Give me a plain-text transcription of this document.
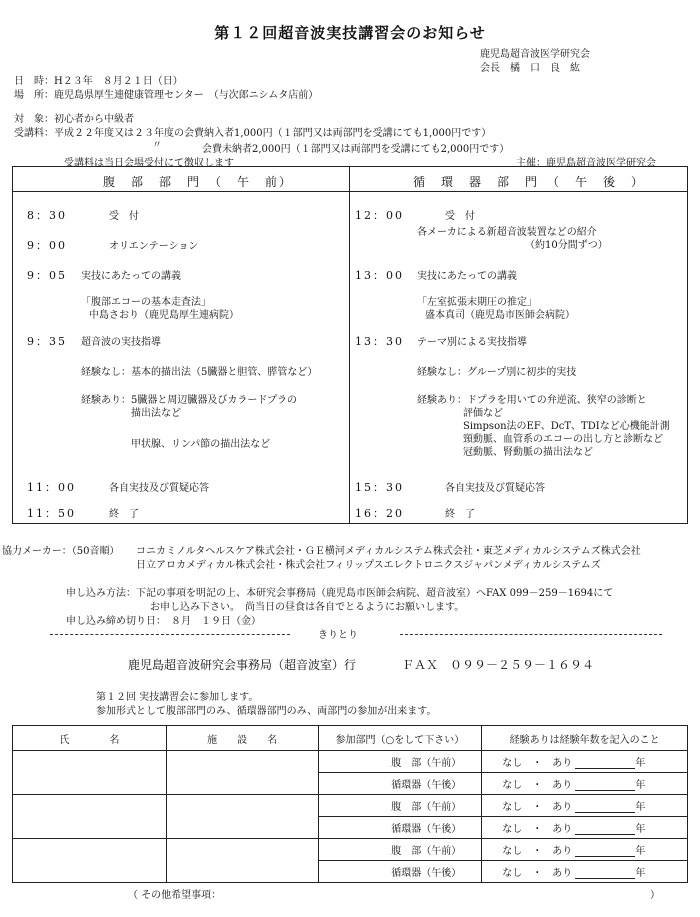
第１２回超音波実技講習会のお知らせ
鹿児島超音波医学研究会
会長　橘　口　良　紘
日　時：H２３年　８月２１日（日）
場　所：鹿児島県厚生連健康管理センター　（与次郎ニシムタ店前）
対　象：初心者から中級者
受講料：平成２２年度又は２３年度の会費納入者1,000円（１部門又は両部門を受講にても1,000円です）
〃	会費未納者2,000円（１部門又は両部門を受講にても2,000円です）
受講料は当日会場受付にて徴収します	主催：鹿児島超音波医学研究会
腹　部　部　門　（　午　前）	循　環　器　部　門　（　午　後　）
8：30	受　付
9：00	オリエンテーション
9：05 実技にあたっての講義
「腹部エコーの基本走査法」
中島さおり（鹿児島厚生連病院）
9：35 超音波の実技指導
経験なし：基本的描出法（5臓器と胆管、膵管など）
経験あり：5臓器と周辺臓器及びカラードプラの
描出法など
甲状腺、リンパ節の描出法など
11：00	各自実技及び質疑応答
11：50	終　了
12：00	受　付
各メーカによる新超音波装置などの紹介
（約10分間ずつ）
13：00 実技にあたっての講義
「左室拡張末期圧の推定」
盛本真司（鹿児島市医師会病院）
13：30 テーマ別による実技指導
経験なし：グループ別に初歩的実技
経験あり：ドプラを用いての弁逆流、狭窄の診断と
評価など
Simpson法のEF、DcT、TDIなど心機能計測
頸動脈、血管系のエコーの出し方と診断など
冠動脈、腎動脈の描出法など
15：30	各自実技及び質疑応答
16：20	終　了
協力メーカー：（50音順） コニカミノルタヘルスケア株式会社・ＧＥ横河メディカルシステム株式会社・東芝メディカルシステムズ株式会社
日立アロカメディカル株式会社・株式会社フィリップスエレクトロニクスジャパンメディカルシステムズ
申し込み方法：下記の事項を明記の上、本研究会事務局（鹿児島市医師会病院、超音波室）へFAX 099－259－1694にて
お申し込み下さい。　尚当日の昼食は各自でとるようにお願いします。
申し込み締め切り日：　８月　１９日（金）
きりとり
鹿児島超音波研究会事務局（超音波室）行	ＦＡＸ　０９９－２５９－１６９４
第１２回 実技講習会に参加します。
参加形式として腹部部門のみ、循環器部門のみ、両部門の参加が出来ます。
氏　　　　名	施　　設　　名	参加部門（○をして下さい）	経験ありは経験年数を記入のこと
		腹　部（午前）	なし　・　あり 年
		循環器（午後）	なし　・　あり 年
		腹　部（午前）	なし　・　あり 年
		循環器（午後）	なし　・　あり 年
		腹　部（午前）	なし　・　あり 年
		循環器（午後）	なし　・　あり 年
（ その他希望事項：	）
